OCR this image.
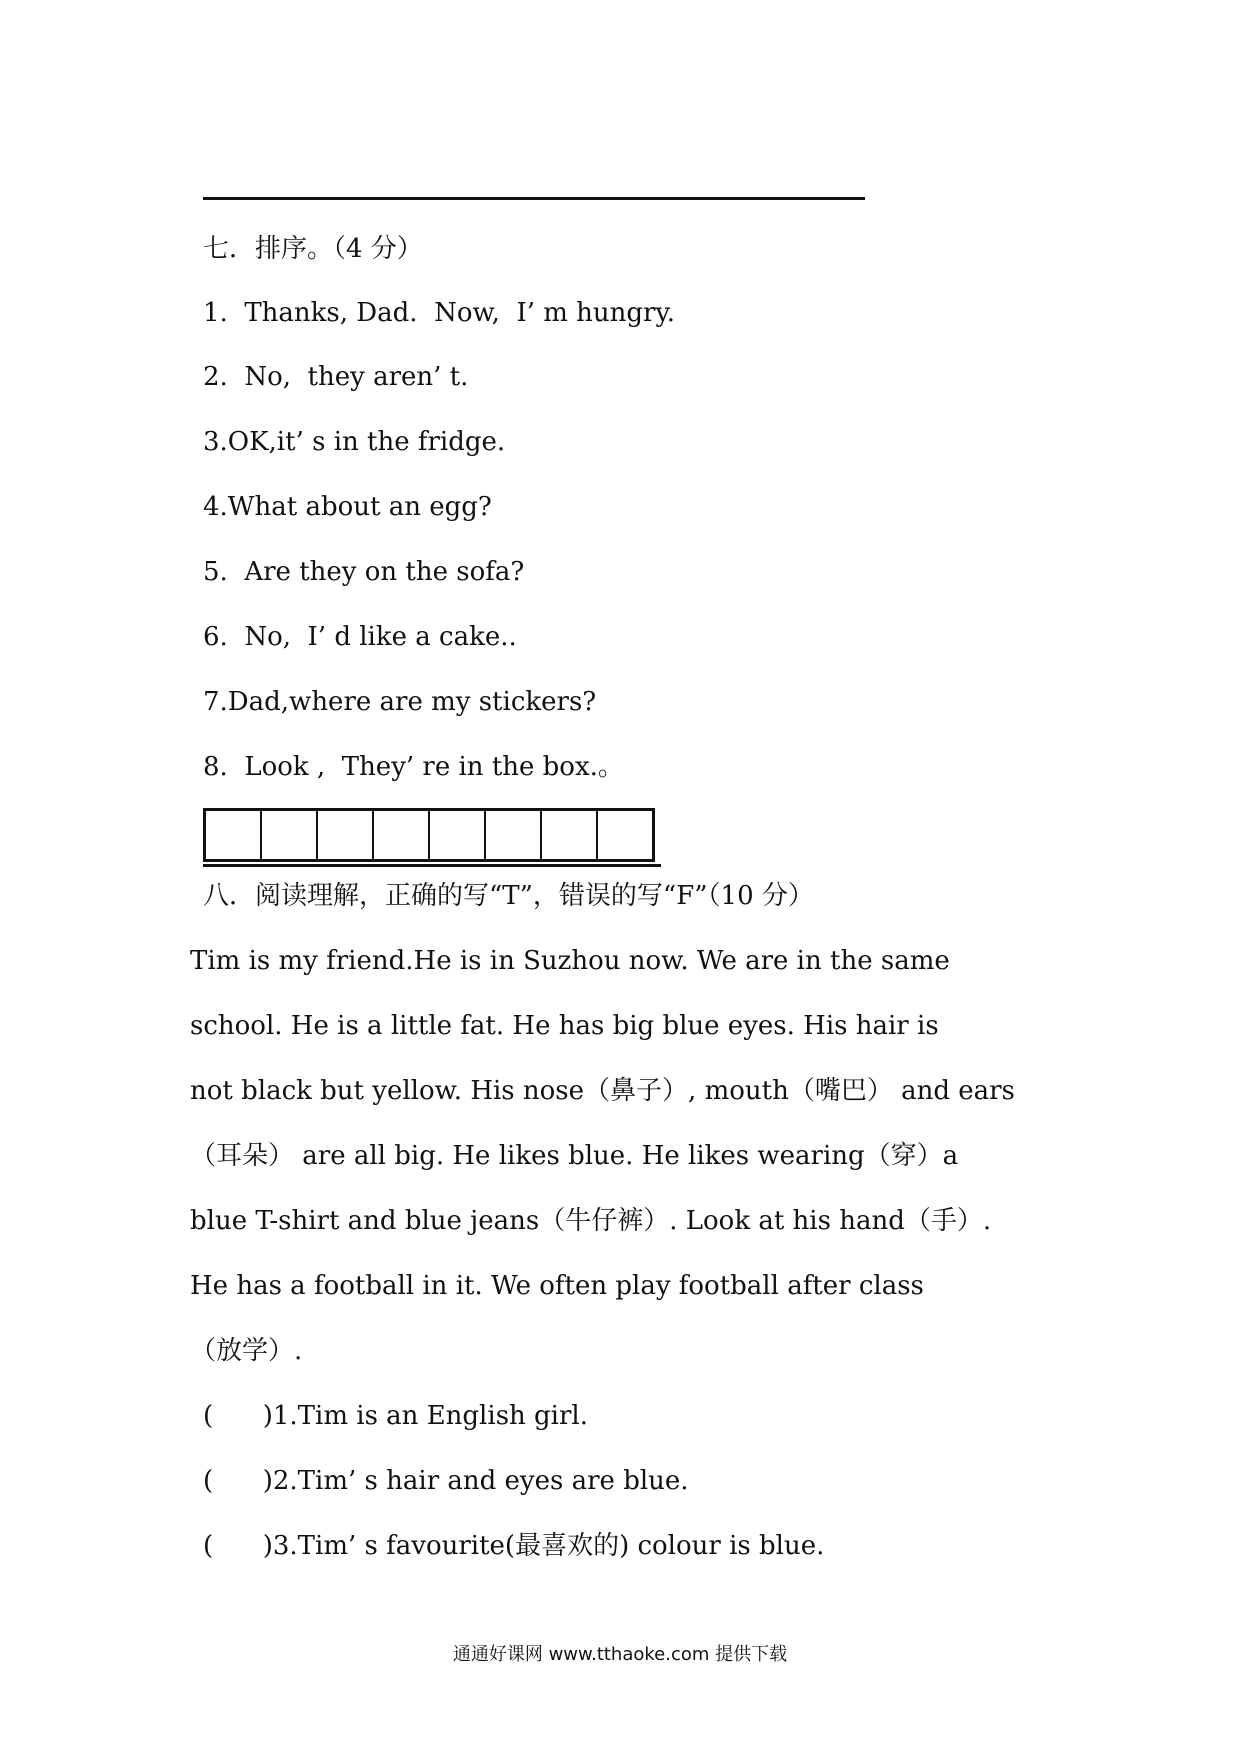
七．排序。（4 分）
1.  Thanks, Dad.  Now,  I’ m hungry.
2.  No,  they aren’ t.
3.OK,it’ s in the fridge.
4.What about an egg?
5.  Are they on the sofa?
6.  No,  I’ d like a cake..
7.Dad,where are my stickers?
8.  Look ,  They’ re in the box.。
八．阅读理解，正确的写“T”，错误的写“F”（10 分）
Tim is my friend.He is in Suzhou now. We are in the same
school. He is a little fat. He has big blue eyes. His hair is
not black but yellow. His nose（鼻子）, mouth（嘴巴） and ears
（耳朵） are all big. He likes blue. He likes wearing（穿）a
blue T-shirt and blue jeans（牛仔裤）. Look at his hand（手）.
He has a football in it. We often play football after class
（放学）.
(      )1.Tim is an English girl.
(      )2.Tim’ s hair and eyes are blue.
(      )3.Tim’ s favourite(最喜欢的) colour is blue.
通通好课网 www.tthaoke.com 提供下载
